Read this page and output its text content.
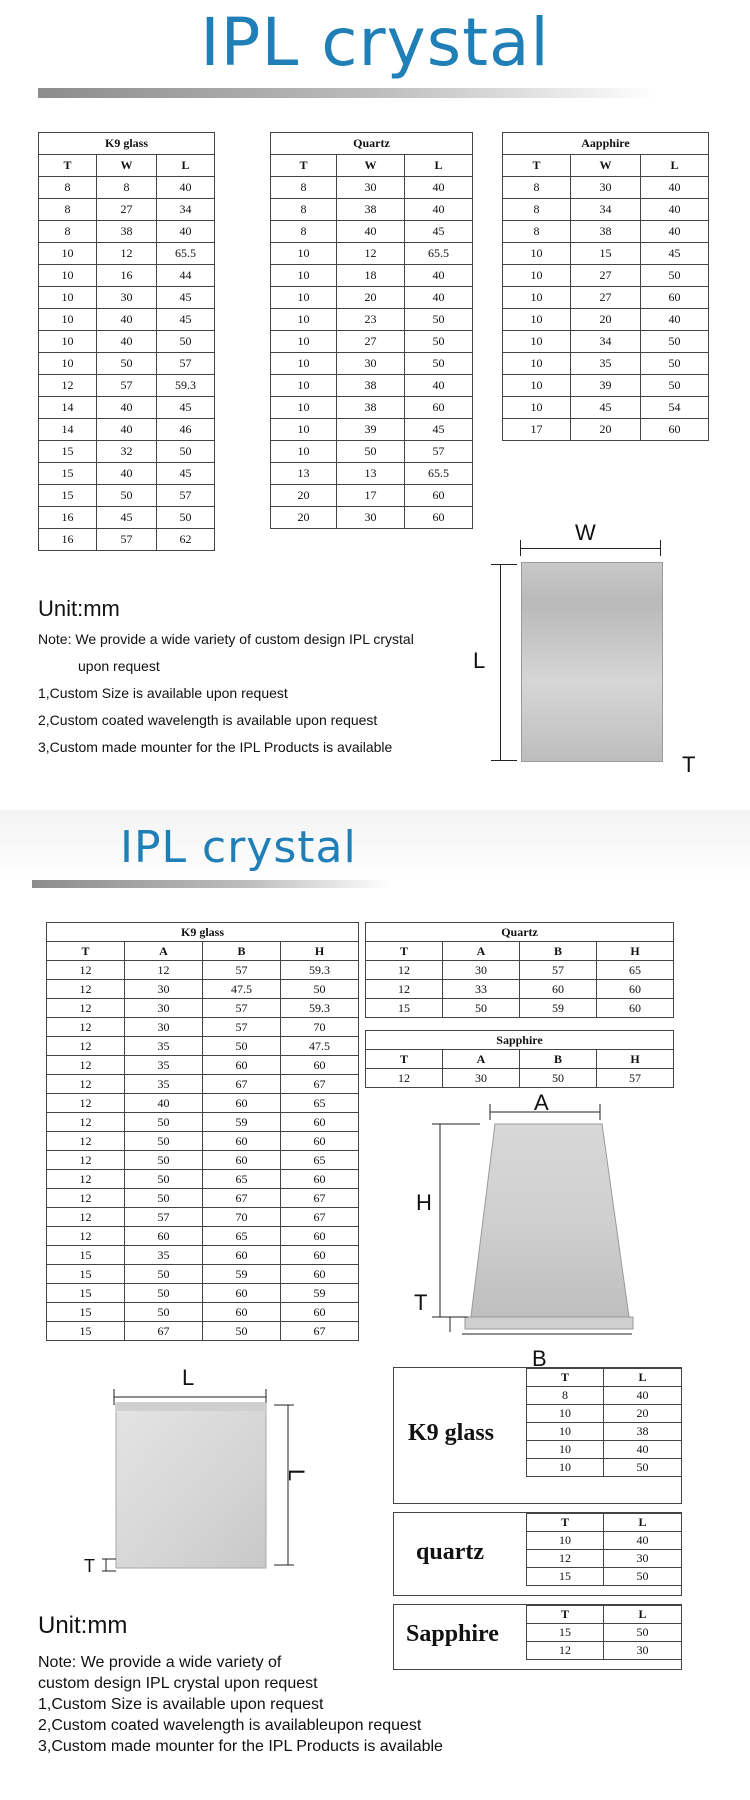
IPL crystal
K9 glass		
T	W	L
8	8	40
8	27	34
8	38	40
10	12	65.5
10	16	44
10	30	45
10	40	45
10	40	50
10	50	57
12	57	59.3
14	40	45
14	40	46
15	32	50
15	40	45
15	50	57
16	45	50
16	57	62
Quartz		
T	W	L
8	30	40
8	38	40
8	40	45
10	12	65.5
10	18	40
10	20	40
10	23	50
10	27	50
10	30	50
10	38	40
10	38	60
10	39	45
10	50	57
13	13	65.5
20	17	60
20	30	60
Aapphire		
T	W	L
8	30	40
8	34	40
8	38	40
10	15	45
10	27	50
10	27	60
10	20	40
10	34	50
10	35	50
10	39	50
10	45	54
17	20	60
W
L
T
Unit:mm
Note: We provide a wide variety of custom design IPL crystal
upon request
1,Custom Size is available upon request
2,Custom coated wavelength is available upon request
3,Custom made mounter for the IPL Products is available
IPL crystal
K9 glass			
T	A	B	H
12	12	57	59.3
12	30	47.5	50
12	30	57	59.3
12	30	57	70
12	35	50	47.5
12	35	60	60
12	35	67	67
12	40	60	65
12	50	59	60
12	50	60	60
12	50	60	65
12	50	65	60
12	50	67	67
12	57	70	67
12	60	65	60
15	35	60	60
15	50	59	60
15	50	60	59
15	50	60	60
15	67	50	67
Quartz			
T	A	B	H
12	30	57	65
12	33	60	60
15	50	59	60
Sapphire			
T	A	B	H
12	30	50	57
A
H
T
B
L
L
T
K9 glass
T	L
8	40
10	20
10	38
10	40
10	50
quartz
T	L
10	40
12	30
15	50
Sapphire
T	L
15	50
12	30
Unit:mm
Note: We provide a wide variety of
custom design IPL crystal upon request
1,Custom Size is available upon request
2,Custom coated wavelength is availableupon request
3,Custom made mounter for the IPL Products is available
